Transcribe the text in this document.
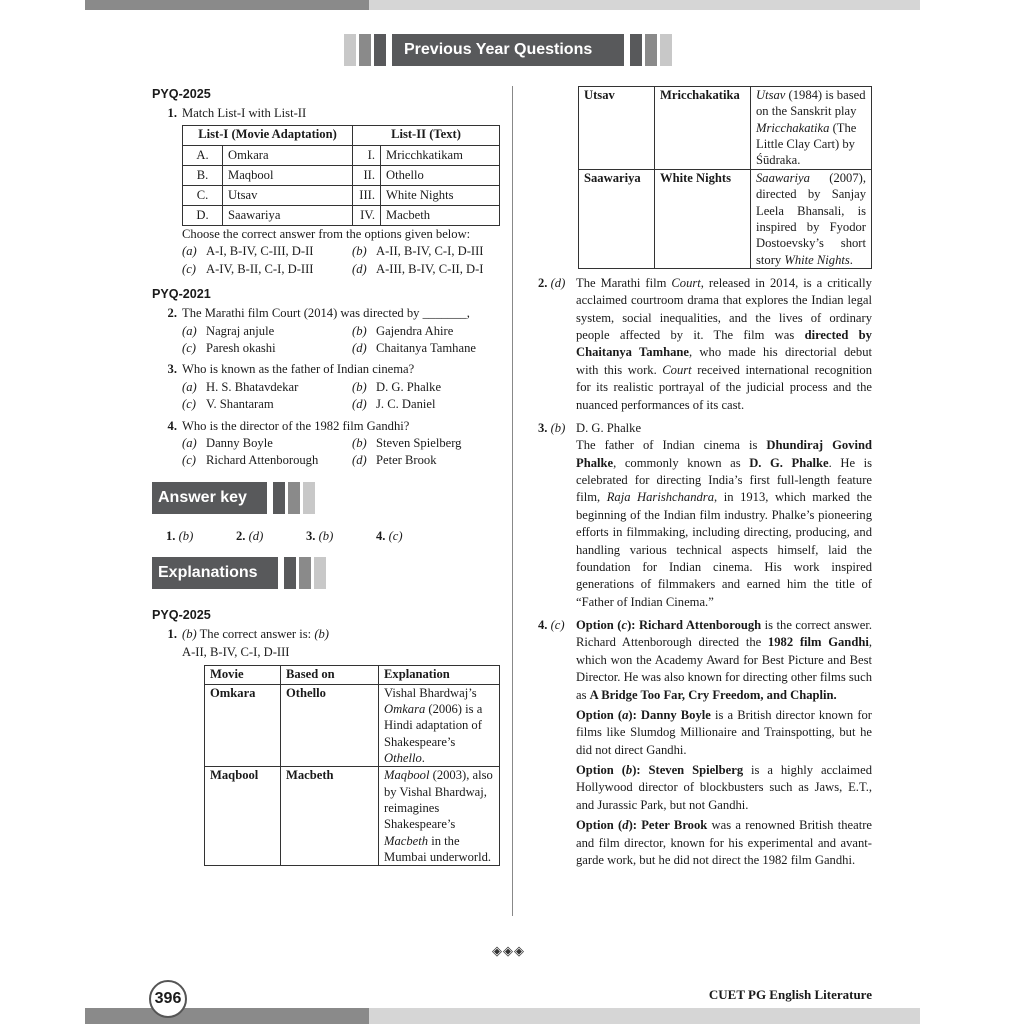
Previous Year Questions
PYQ-2025
1. Match List-I with List-II
List-I (Movie Adaptation)		List-II (Text)	
A.	Omkara	I.	Mricchkatikam
B.	Maqbool	II.	Othello
C.	Utsav	III.	White Nights
D.	Saawariya	IV.	Macbeth
Choose the correct answer from the options given below:
(a) A-I, B-IV, C-III, D-II	(b) A-II, B-IV, C-I, D-III
(c) A-IV, B-II, C-I, D-III	(d) A-III, B-IV, C-II, D-I
PYQ-2021
2. The Marathi film Court (2014) was directed by _______,
(a) Nagraj anjule	(b) Gajendra Ahire
(c) Paresh okashi	(d) Chaitanya Tamhane
3. Who is known as the father of Indian cinema?
(a) H. S. Bhatavdekar	(b) D. G. Phalke
(c) V. Shantaram	(d) J. C. Daniel
4. Who is the director of the 1982 film Gandhi?
(a) Danny Boyle	(b) Steven Spielberg
(c) Richard Attenborough	(d) Peter Brook
Answer key
1. (b)	2. (d)	3. (b)	4. (c)
Explanations
PYQ-2025
1. (b) The correct answer is: (b)
A-II, B-IV, C-I, D-III
Movie	Based on	Explanation
Omkara	Othello	Vishal Bhardwaj’s Omkara (2006) is a Hindi adaptation of Shakespeare’s Othello.
Maqbool	Macbeth	Maqbool (2003), also by Vishal Bhardwaj, reimagines Shakespeare’s Macbeth in the Mumbai underworld.
Utsav	Mricchakatika	Utsav (1984) is based on the Sanskrit play Mricchakatika (The Little Clay Cart) by Śūdraka.
Saawariya	White Nights	Saawariya (2007), directed by Sanjay Leela Bhansali, is inspired by Fyodor Dostoevsky’s short story White Nights.
2. (d) The Marathi film Court, released in 2014, is a critically acclaimed courtroom drama that explores the Indian legal system, social inequalities, and the lives of ordinary people affected by it. The film was directed by Chaitanya Tamhane, who made his directorial debut with this work. Court received international recognition for its realistic portrayal of the judicial process and the nuanced performances of its cast.
3. (b) D. G. Phalke
The father of Indian cinema is Dhundiraj Govind Phalke, commonly known as D. G. Phalke. He is celebrated for directing India’s first full-length feature film, Raja Harishchandra, in 1913, which marked the beginning of the Indian film industry. Phalke’s pioneering efforts in filmmaking, including directing, producing, and handling various technical aspects himself, laid the foundation for Indian cinema. His work inspired generations of filmmakers and earned him the title of “Father of Indian Cinema.”
4. (c) Option (c): Richard Attenborough is the correct answer. Richard Attenborough directed the 1982 film Gandhi, which won the Academy Award for Best Picture and Best Director. He was also known for directing other films such as A Bridge Too Far, Cry Freedom, and Chaplin.
Option (a): Danny Boyle is a British director known for films like Slumdog Millionaire and Trainspotting, but he did not direct Gandhi.
Option (b): Steven Spielberg is a highly acclaimed Hollywood director of blockbusters such as Jaws, E.T., and Jurassic Park, but not Gandhi.
Option (d): Peter Brook was a renowned British theatre and film director, known for his experimental and avant-garde work, but he did not direct the 1982 film Gandhi.
◈◈◈
396	CUET PG English Literature
